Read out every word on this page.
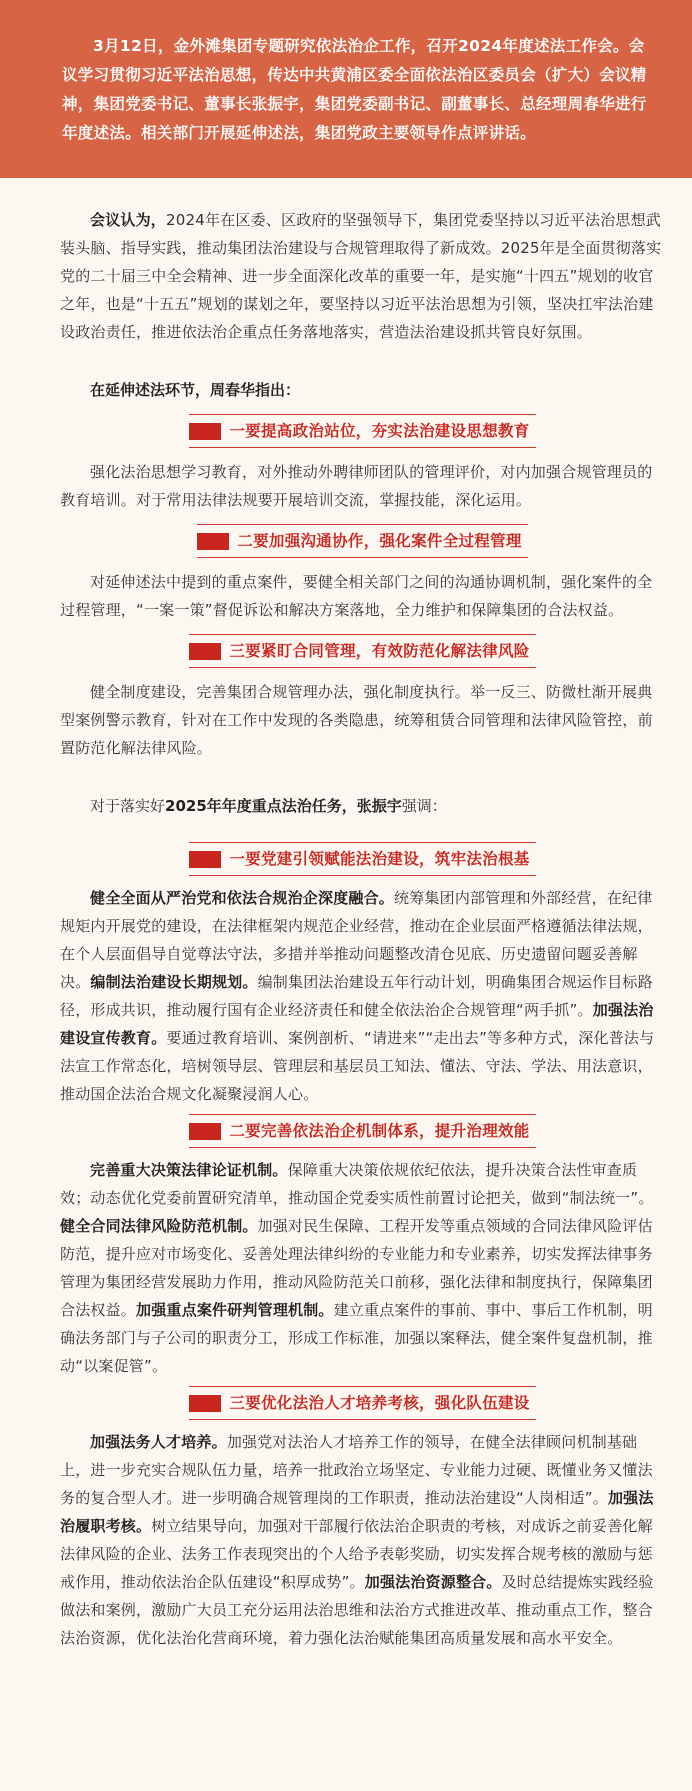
3月12日，金外滩集团专题研究依法治企工作，召开2024年度述法工作会。会议学习贯彻习近平法治思想，传达中共黄浦区委全面依法治区委员会（扩大）会议精神，集团党委书记、董事长张振宇，集团党委副书记、副董事长、总经理周春华进行年度述法。相关部门开展延伸述法，集团党政主要领导作点评讲话。

会议认为，2024年在区委、区政府的坚强领导下，集团党委坚持以习近平法治思想武装头脑、指导实践，推动集团法治建设与合规管理取得了新成效。2025年是全面贯彻落实党的二十届三中全会精神、进一步全面深化改革的重要一年，是实施“十四五”规划的收官之年，也是“十五五”规划的谋划之年，要坚持以习近平法治思想为引领，坚决扛牢法治建设政治责任，推进依法治企重点任务落地落实，营造法治建设抓共管良好氛围。

在延伸述法环节，周春华指出：

一要提高政治站位，夯实法治建设思想教育

强化法治思想学习教育，对外推动外聘律师团队的管理评价，对内加强合规管理员的教育培训。对于常用法律法规要开展培训交流，掌握技能，深化运用。

二要加强沟通协作，强化案件全过程管理

对延伸述法中提到的重点案件，要健全相关部门之间的沟通协调机制，强化案件的全过程管理，“一案一策”督促诉讼和解决方案落地，全力维护和保障集团的合法权益。

三要紧盯合同管理，有效防范化解法律风险

健全制度建设，完善集团合规管理办法，强化制度执行。举一反三、防微杜渐开展典型案例警示教育，针对在工作中发现的各类隐患，统筹租赁合同管理和法律风险管控，前置防范化解法律风险。

对于落实好2025年年度重点法治任务，张振宇强调：

一要党建引领赋能法治建设，筑牢法治根基

健全全面从严治党和依法合规治企深度融合。统筹集团内部管理和外部经营，在纪律规矩内开展党的建设，在法律框架内规范企业经营，推动在企业层面严格遵循法律法规，在个人层面倡导自觉尊法守法，多措并举推动问题整改清仓见底、历史遗留问题妥善解决。编制法治建设长期规划。编制集团法治建设五年行动计划，明确集团合规运作目标路径，形成共识，推动履行国有企业经济责任和健全依法治企合规管理“两手抓”。加强法治建设宣传教育。要通过教育培训、案例剖析、“请进来”“走出去”等多种方式，深化普法与法宣工作常态化，培树领导层、管理层和基层员工知法、懂法、守法、学法、用法意识，推动国企法治合规文化凝聚浸润人心。

二要完善依法治企机制体系，提升治理效能

完善重大决策法律论证机制。保障重大决策依规依纪依法，提升决策合法性审查质效；动态优化党委前置研究清单，推动国企党委实质性前置讨论把关，做到“制法统一”。健全合同法律风险防范机制。加强对民生保障、工程开发等重点领域的合同法律风险评估防范，提升应对市场变化、妥善处理法律纠纷的专业能力和专业素养，切实发挥法律事务管理为集团经营发展助力作用，推动风险防范关口前移，强化法律和制度执行，保障集团合法权益。加强重点案件研判管理机制。建立重点案件的事前、事中、事后工作机制，明确法务部门与子公司的职责分工，形成工作标准，加强以案释法，健全案件复盘机制，推动“以案促管”。

三要优化法治人才培养考核，强化队伍建设

加强法务人才培养。加强党对法治人才培养工作的领导，在健全法律顾问机制基础上，进一步充实合规队伍力量，培养一批政治立场坚定、专业能力过硬、既懂业务又懂法务的复合型人才。进一步明确合规管理岗的工作职责，推动法治建设“人岗相适”。加强法治履职考核。树立结果导向，加强对干部履行依法治企职责的考核，对成诉之前妥善化解法律风险的企业、法务工作表现突出的个人给予表彰奖励，切实发挥合规考核的激励与惩戒作用，推动依法治企队伍建设“积厚成势”。加强法治资源整合。及时总结提炼实践经验做法和案例，激励广大员工充分运用法治思维和法治方式推进改革、推动重点工作，整合法治资源，优化法治化营商环境，着力强化法治赋能集团高质量发展和高水平安全。
